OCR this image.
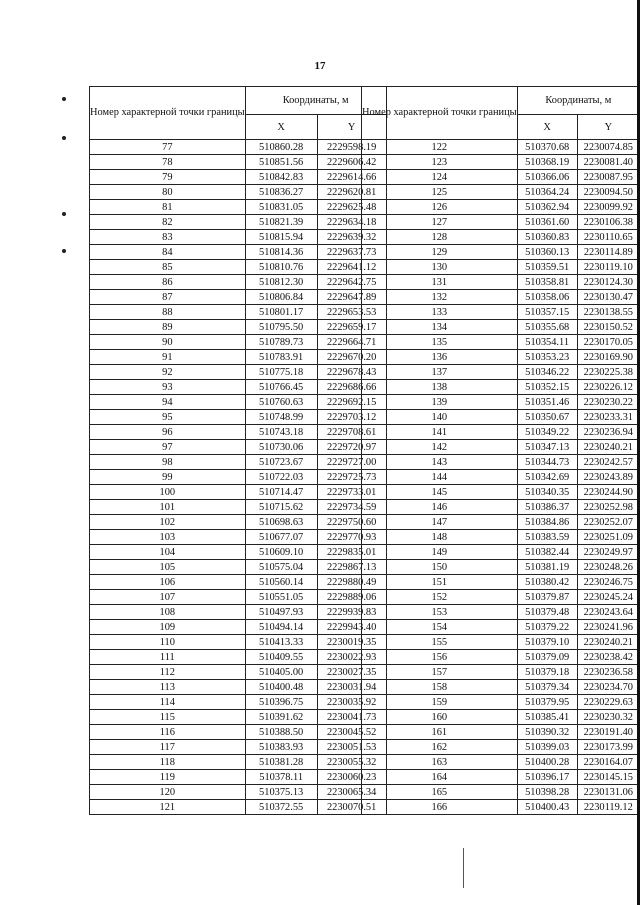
17
Номер характерной точки границы	Координаты, м	
	X	Y
77	510860.28	2229598.19
78	510851.56	2229606.42
79	510842.83	2229614.66
80	510836.27	2229620.81
81	510831.05	2229625.48
82	510821.39	2229634.18
83	510815.94	2229639.32
84	510814.36	2229637.73
85	510810.76	2229641.12
86	510812.30	2229642.75
87	510806.84	2229647.89
88	510801.17	2229653.53
89	510795.50	2229659.17
90	510789.73	2229664.71
91	510783.91	2229670.20
92	510775.18	2229678.43
93	510766.45	2229686.66
94	510760.63	2229692.15
95	510748.99	2229703.12
96	510743.18	2229708.61
97	510730.06	2229720.97
98	510723.67	2229727.00
99	510722.03	2229725.73
100	510714.47	2229733.01
101	510715.62	2229734.59
102	510698.63	2229750.60
103	510677.07	2229770.93
104	510609.10	2229835.01
105	510575.04	2229867.13
106	510560.14	2229880.49
107	510551.05	2229889.06
108	510497.93	2229939.83
109	510494.14	2229943.40
110	510413.33	2230019.35
111	510409.55	2230022.93
112	510405.00	2230027.35
113	510400.48	2230031.94
114	510396.75	2230035.92
115	510391.62	2230041.73
116	510388.50	2230045.52
117	510383.93	2230051.53
118	510381.28	2230055.32
119	510378.11	2230060.23
120	510375.13	2230065.34
121	510372.55	2230070.51
Номер характерной точки границы	Координаты, м	
	X	Y
122	510370.68	2230074.85
123	510368.19	2230081.40
124	510366.06	2230087.95
125	510364.24	2230094.50
126	510362.94	2230099.92
127	510361.60	2230106.38
128	510360.83	2230110.65
129	510360.13	2230114.89
130	510359.51	2230119.10
131	510358.81	2230124.30
132	510358.06	2230130.47
133	510357.15	2230138.55
134	510355.68	2230150.52
135	510354.11	2230170.05
136	510353.23	2230169.90
137	510346.22	2230225.38
138	510352.15	2230226.12
139	510351.46	2230230.22
140	510350.67	2230233.31
141	510349.22	2230236.94
142	510347.13	2230240.21
143	510344.73	2230242.57
144	510342.69	2230243.89
145	510340.35	2230244.90
146	510386.37	2230252.98
147	510384.86	2230252.07
148	510383.59	2230251.09
149	510382.44	2230249.97
150	510381.19	2230248.26
151	510380.42	2230246.75
152	510379.87	2230245.24
153	510379.48	2230243.64
154	510379.22	2230241.96
155	510379.10	2230240.21
156	510379.09	2230238.42
157	510379.18	2230236.58
158	510379.34	2230234.70
159	510379.95	2230229.63
160	510385.41	2230230.32
161	510390.32	2230191.40
162	510399.03	2230173.99
163	510400.28	2230164.07
164	510396.17	2230145.15
165	510398.28	2230131.06
166	510400.43	2230119.12
